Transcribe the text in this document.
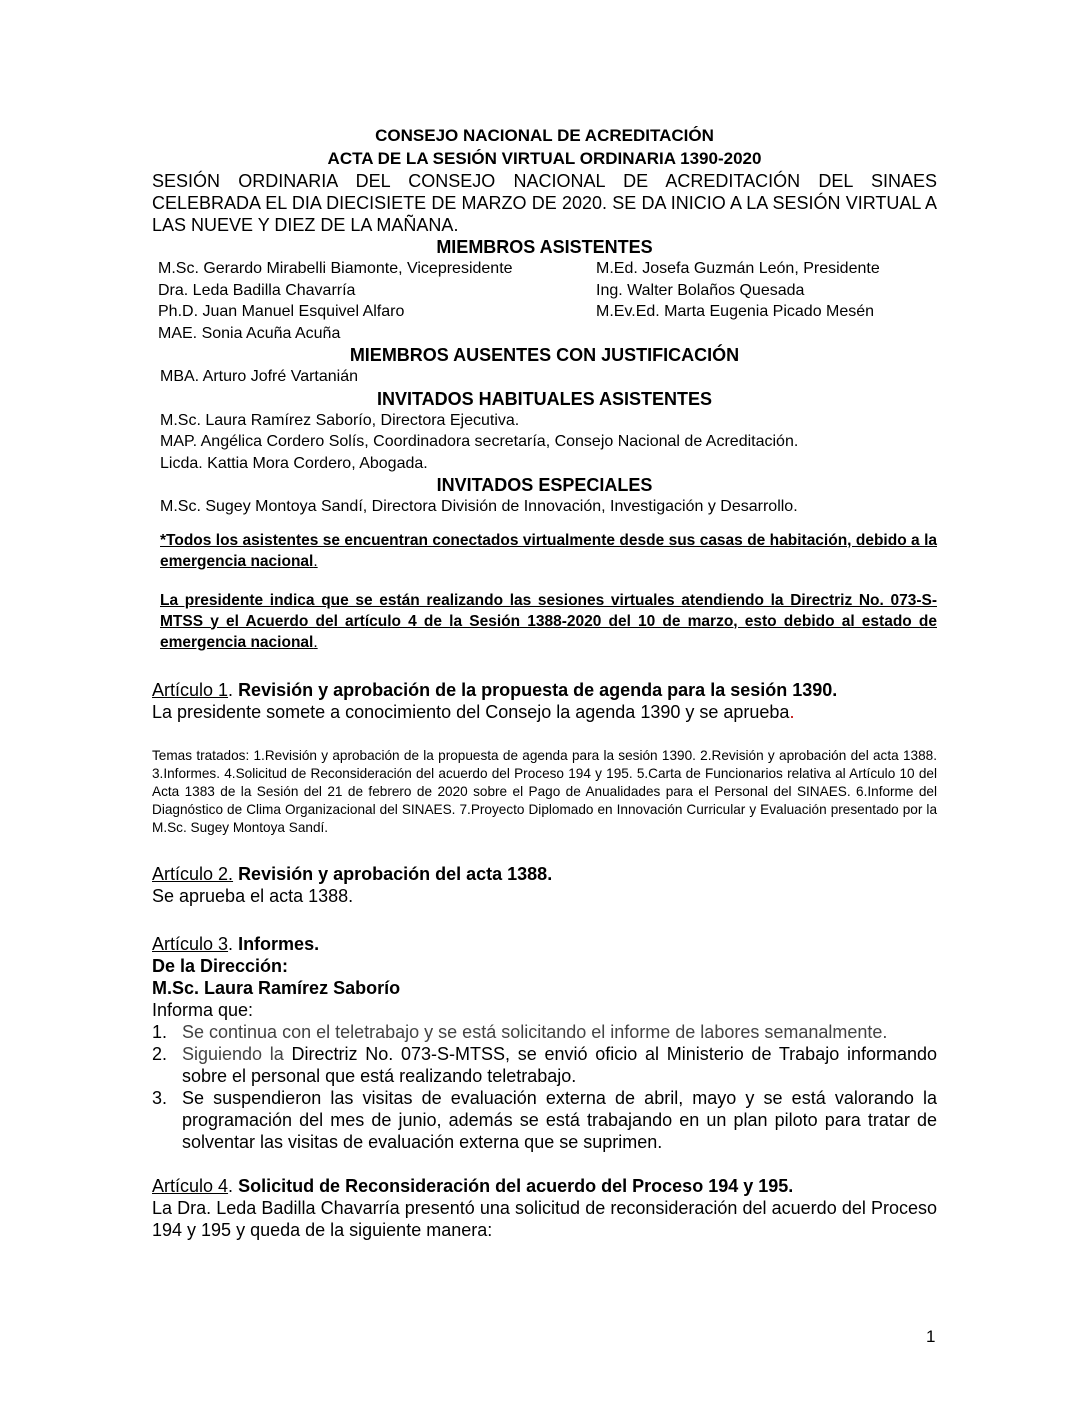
CONSEJO NACIONAL DE ACREDITACIÓN
ACTA DE LA SESIÓN VIRTUAL ORDINARIA 1390-2020
SESIÓN ORDINARIA DEL CONSEJO NACIONAL DE ACREDITACIÓN DEL SINAES CELEBRADA EL DIA DIECISIETE DE MARZO DE 2020. SE DA INICIO A LA SESIÓN VIRTUAL A LAS NUEVE Y DIEZ DE LA MAÑANA.
MIEMBROS ASISTENTES
M.Sc. Gerardo Mirabelli Biamonte, Vicepresidente	M.Ed. Josefa Guzmán León, Presidente
Dra. Leda Badilla Chavarría	Ing. Walter Bolaños Quesada
Ph.D. Juan Manuel Esquivel Alfaro	M.Ev.Ed. Marta Eugenia Picado Mesén
MAE. Sonia Acuña Acuña
MIEMBROS AUSENTES CON JUSTIFICACIÓN
MBA. Arturo Jofré Vartanián
INVITADOS HABITUALES ASISTENTES
M.Sc. Laura Ramírez Saborío, Directora Ejecutiva.
MAP. Angélica Cordero Solís, Coordinadora secretaría, Consejo Nacional de Acreditación.
Licda. Kattia Mora Cordero, Abogada.
INVITADOS ESPECIALES
M.Sc. Sugey Montoya Sandí, Directora División de Innovación, Investigación y Desarrollo.
*Todos los asistentes se encuentran conectados virtualmente desde sus casas de habitación, debido a la emergencia nacional.
La presidente indica que se están realizando las sesiones virtuales atendiendo la Directriz No. 073-S-MTSS y el Acuerdo del artículo 4 de la Sesión 1388-2020 del 10 de marzo, esto debido al estado de emergencia nacional.
Artículo 1. Revisión y aprobación de la propuesta de agenda para la sesión 1390.
La presidente somete a conocimiento del Consejo la agenda 1390 y se aprueba.
Temas tratados: 1.Revisión y aprobación de la propuesta de agenda para la sesión 1390. 2.Revisión y aprobación del acta 1388. 3.Informes. 4.Solicitud de Reconsideración del acuerdo del Proceso 194 y 195. 5.Carta de Funcionarios relativa al Artículo 10 del Acta 1383 de la Sesión del 21 de febrero de 2020 sobre el Pago de Anualidades para el Personal del SINAES. 6.Informe del Diagnóstico de Clima Organizacional del SINAES. 7.Proyecto Diplomado en Innovación Curricular y Evaluación presentado por la M.Sc. Sugey Montoya Sandí.
Artículo 2. Revisión y aprobación del acta 1388.
Se aprueba el acta 1388.
Artículo 3. Informes.
De la Dirección:
M.Sc. Laura Ramírez Saborío
Informa que:
1. Se continua con el teletrabajo y se está solicitando el informe de labores semanalmente.
2. Siguiendo la Directriz No. 073-S-MTSS, se envió oficio al Ministerio de Trabajo informando sobre el personal que está realizando teletrabajo.
3. Se suspendieron las visitas de evaluación externa de abril, mayo y se está valorando la programación del mes de junio, además se está trabajando en un plan piloto para tratar de solventar las visitas de evaluación externa que se suprimen.
Artículo 4. Solicitud de Reconsideración del acuerdo del Proceso 194 y 195.
La Dra. Leda Badilla Chavarría presentó una solicitud de reconsideración del acuerdo del Proceso 194 y 195 y queda de la siguiente manera:
1
